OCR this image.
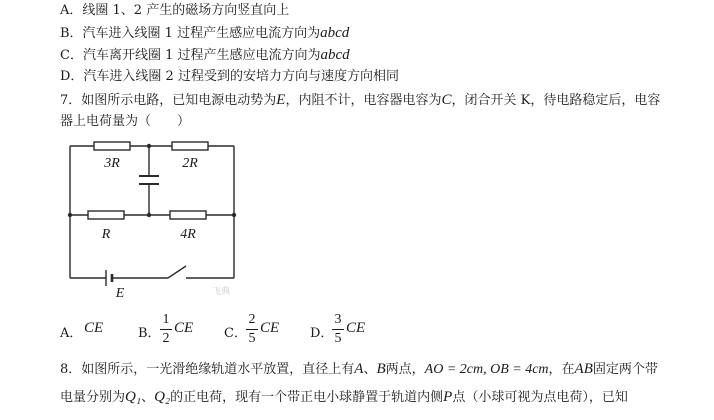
A．线圈 1、2 产生的磁场方向竖直向上
B．汽车进入线圈 1 过程产生感应电流方向为abcd
C．汽车离开线圈 1 过程产生感应电流方向为abcd
D．汽车进入线圈 2 过程受到的安培力方向与速度方向相同
7．如图所示电路，已知电源电动势为E，内阻不计，电容器电容为C，闭合开关 K，待电路稳定后，电容
器上电荷量为（　　）
3R	2R
R	4R
E	飞典
A． CE	B．
1
2
CE C．
2
5
CE D．
3
5
CE
8．如图所示，一光滑绝缘轨道水平放置，直径上有A、B两点，AO = 2cm, OB = 4cm，在AB固定两个带
电量分别为Q₁、Q₂的正电荷，现有一个带正电小球静置于轨道内侧P点（小球可视为点电荷），已知
